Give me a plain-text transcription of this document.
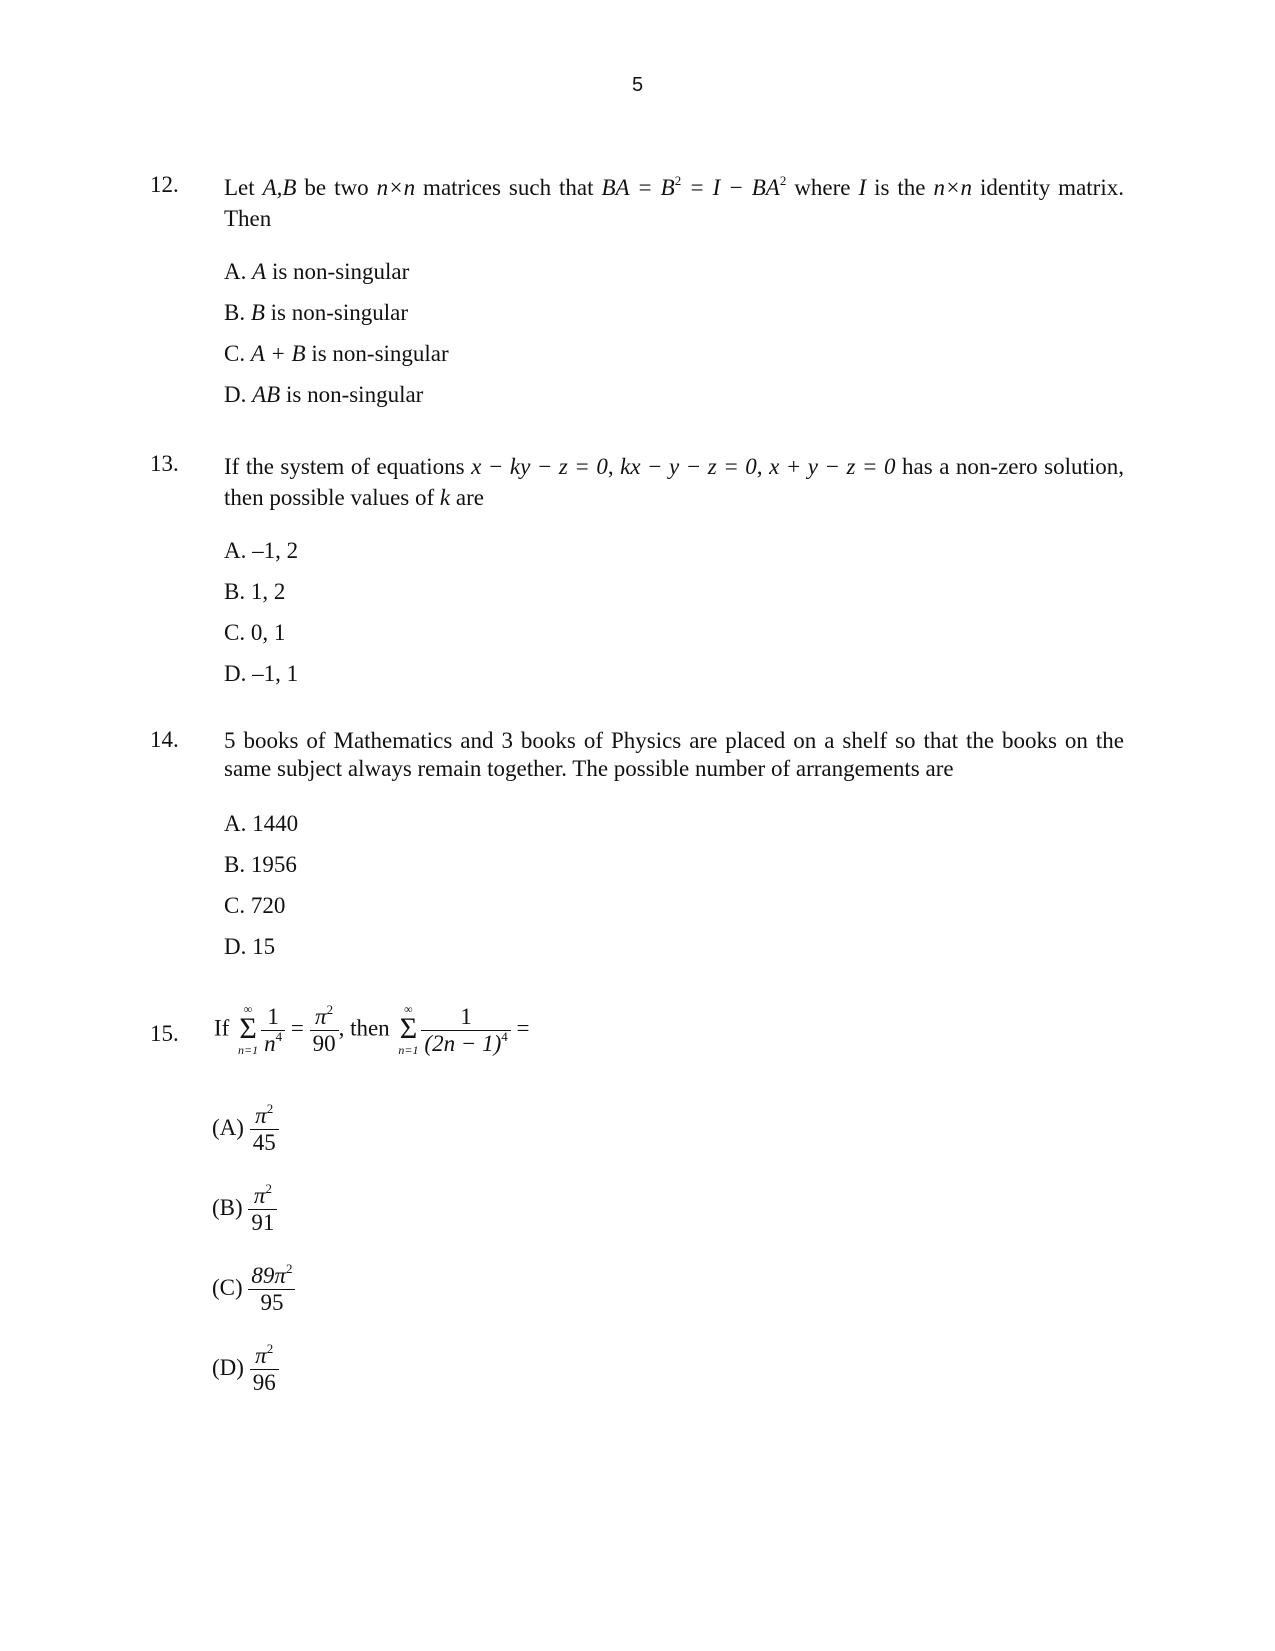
5
12. Let A,B be two n×n matrices such that BA = $B^2 = I - BA^2$ where I is the n×n identity matrix. Then
A. A is non-singular
B. B is non-singular
C. A + B is non-singular
D. AB is non-singular
13. If the system of equations x − ky − z = 0, kx − y − z = 0, x + y − z = 0 has a non-zero solution, then possible values of k are
A. –1, 2
B. 1, 2
C. 0, 1
D. –1, 1
14. 5 books of Mathematics and 3 books of Physics are placed on a shelf so that the books on the same subject always remain together. The possible number of arrangements are
A. 1440
B. 1956
C. 720
D. 15
15. If
∞
Σ
$n=1 \frac{1}{n^4} = \frac{\pi^2}{90}$ , then
∞
Σ
$n=1 \frac{1}{(2n - 1)^4}$ =
$(A) \frac{\pi^2}{45}$
$(B) \frac{\pi^2}{91}$
$(C) \frac{89\pi^2}{95}$
$(D) \frac{\pi^2}{96}$
